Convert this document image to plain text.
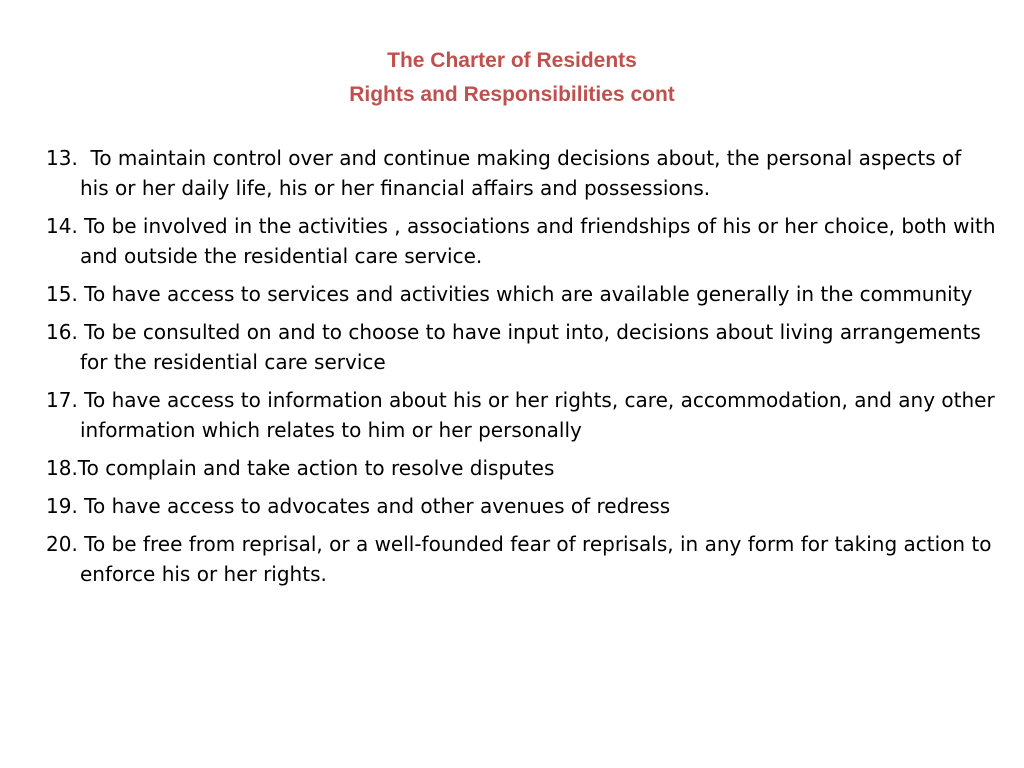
The Charter of Residents
Rights and Responsibilities cont
13.  To maintain control over and continue making decisions about, the personal aspects of his or her daily life, his or her financial affairs and possessions.
14. To be involved in the activities , associations and friendships of his or her choice, both with and outside the residential care service.
15. To have access to services and activities which are available generally in the community
16. To be consulted on and to choose to have input into, decisions about living arrangements for the residential care service
17. To have access to information about his or her rights, care, accommodation, and any other information which relates to him or her personally
18.To complain and take action to resolve disputes
19. To have access to advocates and other avenues of redress
20. To be free from reprisal, or a well-founded fear of reprisals, in any form for taking action to enforce his or her rights.
